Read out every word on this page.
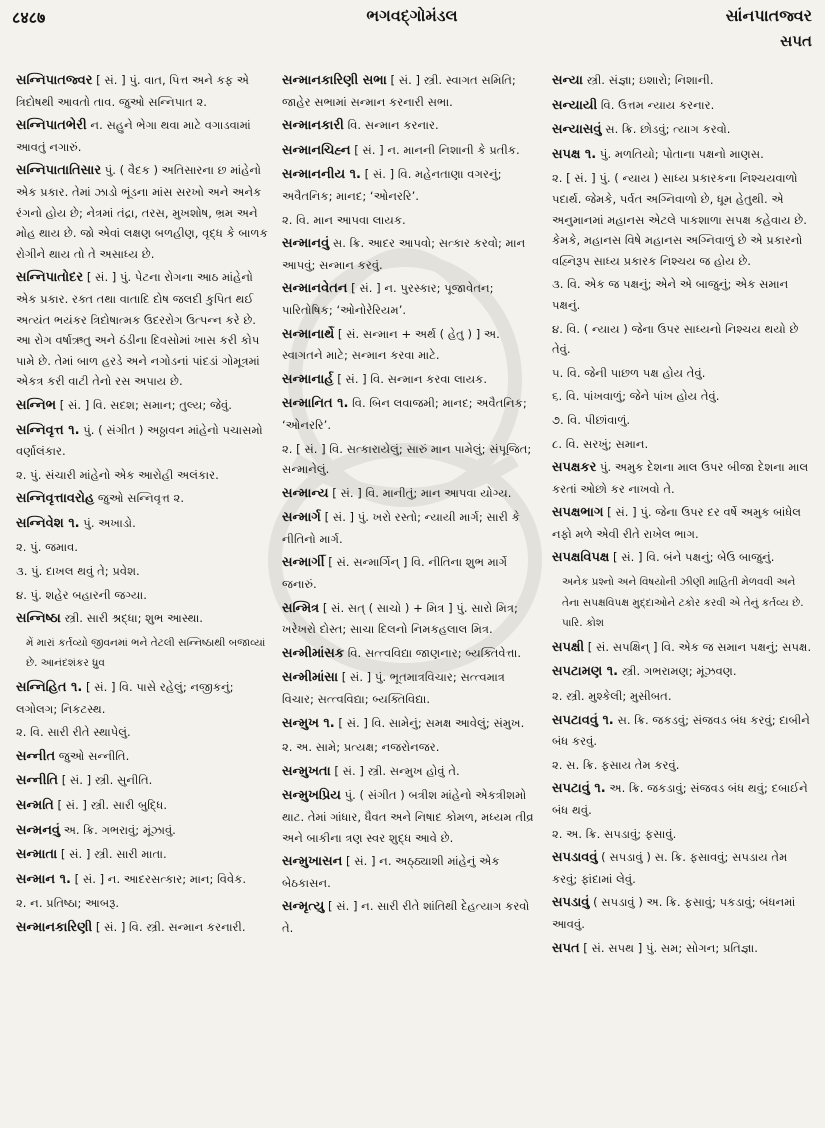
८४८७	ભગવદ્‌ગોમંડલ	સાંનપાતજ્વર
સપત
સન્નિપાતજ્વર [ સં. ] પું. વાત, પિત્ત અને કફ એ ત્રિદોષથી આવતો તાવ. જુઓ સન્નિપાત ૨.
સન્નિપાતભેરી ન. સહુને ભેગા થવા માટે વગાડવામાં આવતું નગારું.
સન્નિપાતાતિસાર પું. ( વૈદક ) અતિસારના છ માંહેનો એક પ્રકાર. તેમાં ઝાડો ભૂંડના માંસ સરખો અને અનેક રંગનો હોય છે; નેત્રમાં તંદ્રા, તરસ, મુખશોષ, ભ્રમ અને મોહ થાય છે. જો એવાં લક્ષણ બળહીણ, વૃદ્ધ કે બાળક રોગીને થાય તો તે અસાધ્ય છે.
સન્નિપાતોદર [ સં. ] પું. પેટના રોગના આઠ માંહેનો એક પ્રકાર. રક્ત તથા વાતાદિ દોષ જલદી કુપિત થઈ અત્યંત ભયંકર ત્રિદોષાત્મક ઉદરરોગ ઉત્પન્ન કરે છે. આ રોગ વર્ષાઋતુ અને ઠંડીના દિવસોમાં ખાસ કરી કોપ પામે છે. તેમાં બાળ હરડે અને નગોડનાં પાંદડાં ગોમૂત્રમાં એકત્ર કરી વાટી તેનો રસ અપાય છે.
સન્નિભ [ સં. ] વિ. સદશ; સમાન; તુલ્ય; જેવું.
સન્નિવૃત્ત ૧. પું. ( સંગીત ) અઠ્ઠાવન માંહેનો પચાસમો વર્ણાલંકાર.
૨. પું. સંચારી માંહેનો એક આરોહી અલંકાર.
સન્નિવૃત્તાવરોહ જુઓ સન્નિવૃત્ત ૨.
સન્નિવેશ ૧. પું. અખાડો.
૨. પું. જમાવ.
૩. પું. દાખલ થવું તે; પ્રવેશ.
૪. પું. શહેર બહારની જગ્યા.
સન્નિષ્ઠા સ્ત્રી. સારી શ્રદ્ધા; શુભ આસ્થા.
મેં મારાં કર્તવ્યો જીવનમાં ભને તેટલી સન્નિષ્ઠાથી બજાવ્યાં છે. આનંદશંકર ધ્રુવ
સન્નિહિત ૧. [ સં. ] વિ. પાસે રહેલું; નજીકનું; લગોલગ; નિકટસ્થ.
૨. વિ. સારી રીતે સ્થાપેલું.
સન્નીત જુઓ સન્નીતિ.
સન્નીતિ [ સં. ] સ્ત્રી. સુનીતિ.
સન્મતિ [ સં. ] સ્ત્રી. સારી બુદ્ધિ.
સન્મનવું અ. ક્રિ. ગભરાવું; મૂંઝાવું.
સન્માતા [ સં. ] સ્ત્રી. સારી માતા.
સન્માન ૧. [ સં. ] ન. આદરસત્કાર; માન; વિવેક.
૨. ન. પ્રતિષ્ઠા; આબરૂ.
સન્માનકારિણી [ સં. ] વિ. સ્ત્રી. સન્માન કરનારી.
સન્માનકારિણી સભા [ સં. ] સ્ત્રી. સ્વાગત સમિતિ; જાહેર સભામાં સન્માન કરનારી સભા.
સન્માનકારી વિ. સન્માન કરનાર.
સન્માનચિહ્ન [ સં. ] ન. માનની નિશાની કે પ્રતીક.
સન્માનનીય ૧. [ સં. ] વિ. મહેનતાણા વગરનું; અવૈતનિક; માનદ; ‘ઓનરરિ’.
૨. વિ. માન આપવા લાયક.
સન્માનવું સ. ક્રિ. આદર આપવો; સત્કાર કરવો; માન આપવું; સન્માન કરવું.
સન્માનવેતન [ સં. ] ન. પુરસ્કાર; પૂજાવેતન; પારિતોષિક; ‘ઓનોરેરિયમ’.
સન્માનાર્થે [ સં. સન્માન + અર્થ ( હેતુ ) ] અ. સ્વાગતને માટે; સન્માન કરવા માટે.
સન્માનાર્હ [ સં. ] વિ. સન્માન કરવા લાયક.
સન્માનિત ૧. વિ. બિન લવાજમી; માનદ; અવૈતનિક; ‘ઓનરરિ’.
૨. [ સં. ] વિ. સત્કારાયેલું; સારું માન પામેલું; સંપૂજિત; સન્માનેલું.
સન્માન્ય [ સં. ] વિ. માનીતું; માન આપવા યોગ્ય.
સન્માર્ગ [ સં. ] પું. ખરો રસ્તો; ન્યાયી માર્ગ; સારી કે નીતિનો માર્ગ.
સન્માર્ગી [ સં. સન્માર્ગિન્ ] વિ. નીતિના શુભ માર્ગે જનારું.
સન્મિત્ર [ સં. સત્ ( સાચો ) + મિત્ર ] પું. સારો મિત્ર; ખરેખરો દોસ્ત; સાચા દિલનો નિમકહલાલ મિત્ર.
સન્મીમાંસક વિ. સત્ત્વવિદ્યા જાણનાર; બ્યક્તિવેત્તા.
સન્મીમાંસા [ સં. ] પું. ભૂતમાત્રવિચાર; સત્ત્વમાત્ર વિચાર; સત્ત્વવિદ્યા; બ્યક્તિવિદ્યા.
સન્મુખ ૧. [ સં. ] વિ. સામેનું; સમક્ષ આવેલું; સંમુખ.
૨. અ. સામે; પ્રત્યક્ષ; નજરોનજર.
સન્મુખતા [ સં. ] સ્ત્રી. સન્મુખ હોવું તે.
સન્મુખપ્રિય પું. ( સંગીત ) બત્રીશ માંહેનો એકત્રીશમો થાટ. તેમાં ગાંધાર, ધૈવત અને નિષાદ કોમળ, મધ્યમ તીવ્ર અને બાકીના ત્રણ સ્વર શુદ્ધ આવે છે.
સન્મુખાસન [ સં. ] ન. અઠ્ઠ્યાશી માંહેનું એક બેઠકાસન.
સન્મૃત્યુ [ સં. ] ન. સારી રીતે શાંતિથી દેહત્યાગ કરવો તે.
સન્યા સ્ત્રી. સંજ્ઞા; ઇશારો; નિશાની.
સન્યાયી વિ. ઉત્તમ ન્યાય કરનાર.
સન્યાસવું સ. ક્રિ. છોડવું; ત્યાગ કરવો.
સપક્ષ ૧. પું. મળતિયો; પોતાના પક્ષનો માણસ.
૨. [ સં. ] પું. ( ન્યાય ) સાધ્ય પ્રકારકના નિશ્ચયવાળો પદાર્થ. જેમકે, પર્વત અગ્નિવાળો છે, ધૂમ હેતુથી. એ અનુમાનમાં મહાનસ એટલે પાકશાળા સપક્ષ કહેવાય છે. કેમકે, મહાનસ વિષે મહાનસ અગ્નિવાળું છે એ પ્રકારનો વહ્નિરૂપ સાધ્ય પ્રકારક નિશ્ચય જ હોય છે.
૩. વિ. એક જ પક્ષનું; એને એ બાજુનું; એક સમાન પક્ષનું.
૪. વિ. ( ન્યાય ) જેના ઉપર સાધ્યનો નિશ્ચય થયો છે તેવું.
૫. વિ. જેની પાછળ પક્ષ હોય તેવું.
૬. વિ. પાંખવાળું; જેને પાંખ હોય તેવું.
૭. વિ. પીછાંવાળું.
૮. વિ. સરખું; સમાન.
સપક્ષકર પું. અમુક દેશના માલ ઉપર બીજા દેશના માલ કરતાં ઓછો કર નાખવો તે.
સપક્ષભાગ [ સં. ] પું. જેના ઉપર દર વર્ષે અમુક બાંધેલ નફો મળે એવી રીતે રાખેલ ભાગ.
સપક્ષવિપક્ષ [ સં. ] વિ. બંને પક્ષનું; બેઉ બાજુનું.
અનેક પ્રશ્નો અને વિષયોની ઝીણી માહિતી મેળવવી અને તેના સપક્ષવિપક્ષ મુદ્દાઓને ટકોર કરવી એ તેનું કર્તવ્ય છે. પારિ. કોશ
સપક્ષી [ સં. સપક્ષિન્ ] વિ. એક જ સમાન પક્ષનું; સપક્ષ.
સપટામણ ૧. સ્ત્રી. ગભરામણ; મૂંઝવણ.
૨. સ્ત્રી. મુશ્કેલી; મુસીબત.
સપટાવવું ૧. સ. ક્રિ. જકડવું; સંજવડ બંધ કરવું; દાબીને બંધ કરવું.
૨. સ. ક્રિ. ફસાય તેમ કરવું.
સપટાવું ૧. અ. ક્રિ. જકડાવું; સંજવડ બંધ થવું; દબાઈને બંધ થવું.
૨. અ. ક્રિ. સપડાવું; ફસાવું.
સપડાવવું ( સપડાવું ) સ. ક્રિ. ફસાવવું; સપડાય તેમ કરવું; ફાંદામાં લેવું.
સપડાવું ( સપડાવું ) અ. ક્રિ. ફસાવું; પકડાવું; બંધનમાં આવવું.
સપત [ સં. સપથ ] પું. સમ; સોગન; પ્રતિજ્ઞા.
